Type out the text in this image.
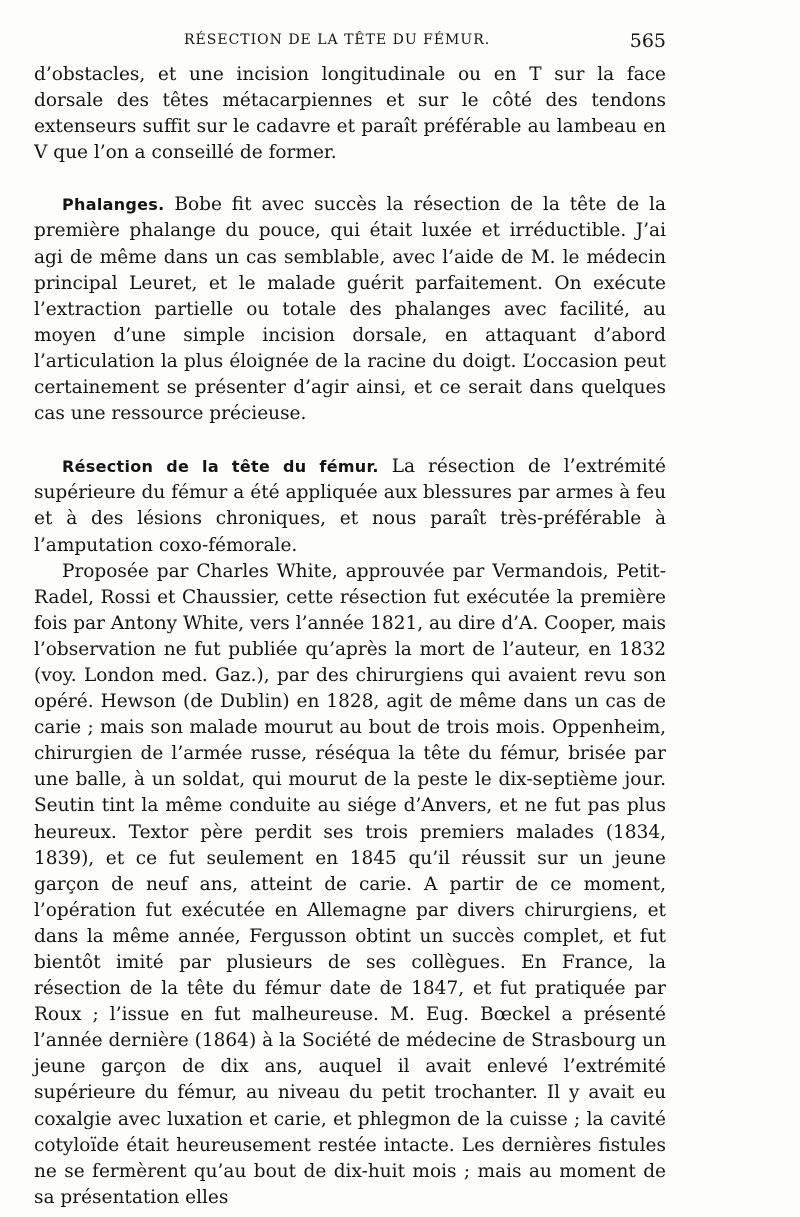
RÉSECTION DE LA TÊTE DU FÉMUR.	565

d’obstacles, et une incision longitudinale ou en T sur la face dorsale des têtes métacarpiennes et sur le côté des tendons extenseurs suffit sur le cadavre et paraît préférable au lambeau en V que l’on a conseillé de former.

Phalanges. Bobe fit avec succès la résection de la tête de la première phalange du pouce, qui était luxée et irréductible. J’ai agi de même dans un cas semblable, avec l’aide de M. le médecin principal Leuret, et le malade guérit parfaitement. On exécute l’extraction partielle ou totale des phalanges avec facilité, au moyen d’une simple incision dorsale, en attaquant d’abord l’articulation la plus éloignée de la racine du doigt. L’occasion peut certainement se présenter d’agir ainsi, et ce serait dans quelques cas une ressource précieuse.

Résection de la tête du fémur. La résection de l’extrémité supérieure du fémur a été appliquée aux blessures par armes à feu et à des lésions chroniques, et nous paraît très-préférable à l’amputation coxo-fémorale.

Proposée par Charles White, approuvée par Vermandois, Petit-Radel, Rossi et Chaussier, cette résection fut exécutée la première fois par Antony White, vers l’année 1821, au dire d’A. Cooper, mais l’observation ne fut publiée qu’après la mort de l’auteur, en 1832 (voy. London med. Gaz.), par des chirurgiens qui avaient revu son opéré. Hewson (de Dublin) en 1828, agit de même dans un cas de carie ; mais son malade mourut au bout de trois mois. Oppenheim, chirurgien de l’armée russe, réséqua la tête du fémur, brisée par une balle, à un soldat, qui mourut de la peste le dix-septième jour. Seutin tint la même conduite au siége d’Anvers, et ne fut pas plus heureux. Textor père perdit ses trois premiers malades (1834, 1839), et ce fut seulement en 1845 qu’il réussit sur un jeune garçon de neuf ans, atteint de carie. A partir de ce moment, l’opération fut exécutée en Allemagne par divers chirurgiens, et dans la même année, Fergusson obtint un succès complet, et fut bientôt imité par plusieurs de ses collègues. En France, la résection de la tête du fémur date de 1847, et fut pratiquée par Roux ; l’issue en fut malheureuse. M. Eug. Bœckel a présenté l’année dernière (1864) à la Société de médecine de Strasbourg un jeune garçon de dix ans, auquel il avait enlevé l’extrémité supérieure du fémur, au niveau du petit trochanter. Il y avait eu coxalgie avec luxation et carie, et phlegmon de la cuisse ; la cavité cotyloïde était heureusement restée intacte. Les dernières fistules ne se fermèrent qu’au bout de dix-huit mois ; mais au moment de sa présentation elles
